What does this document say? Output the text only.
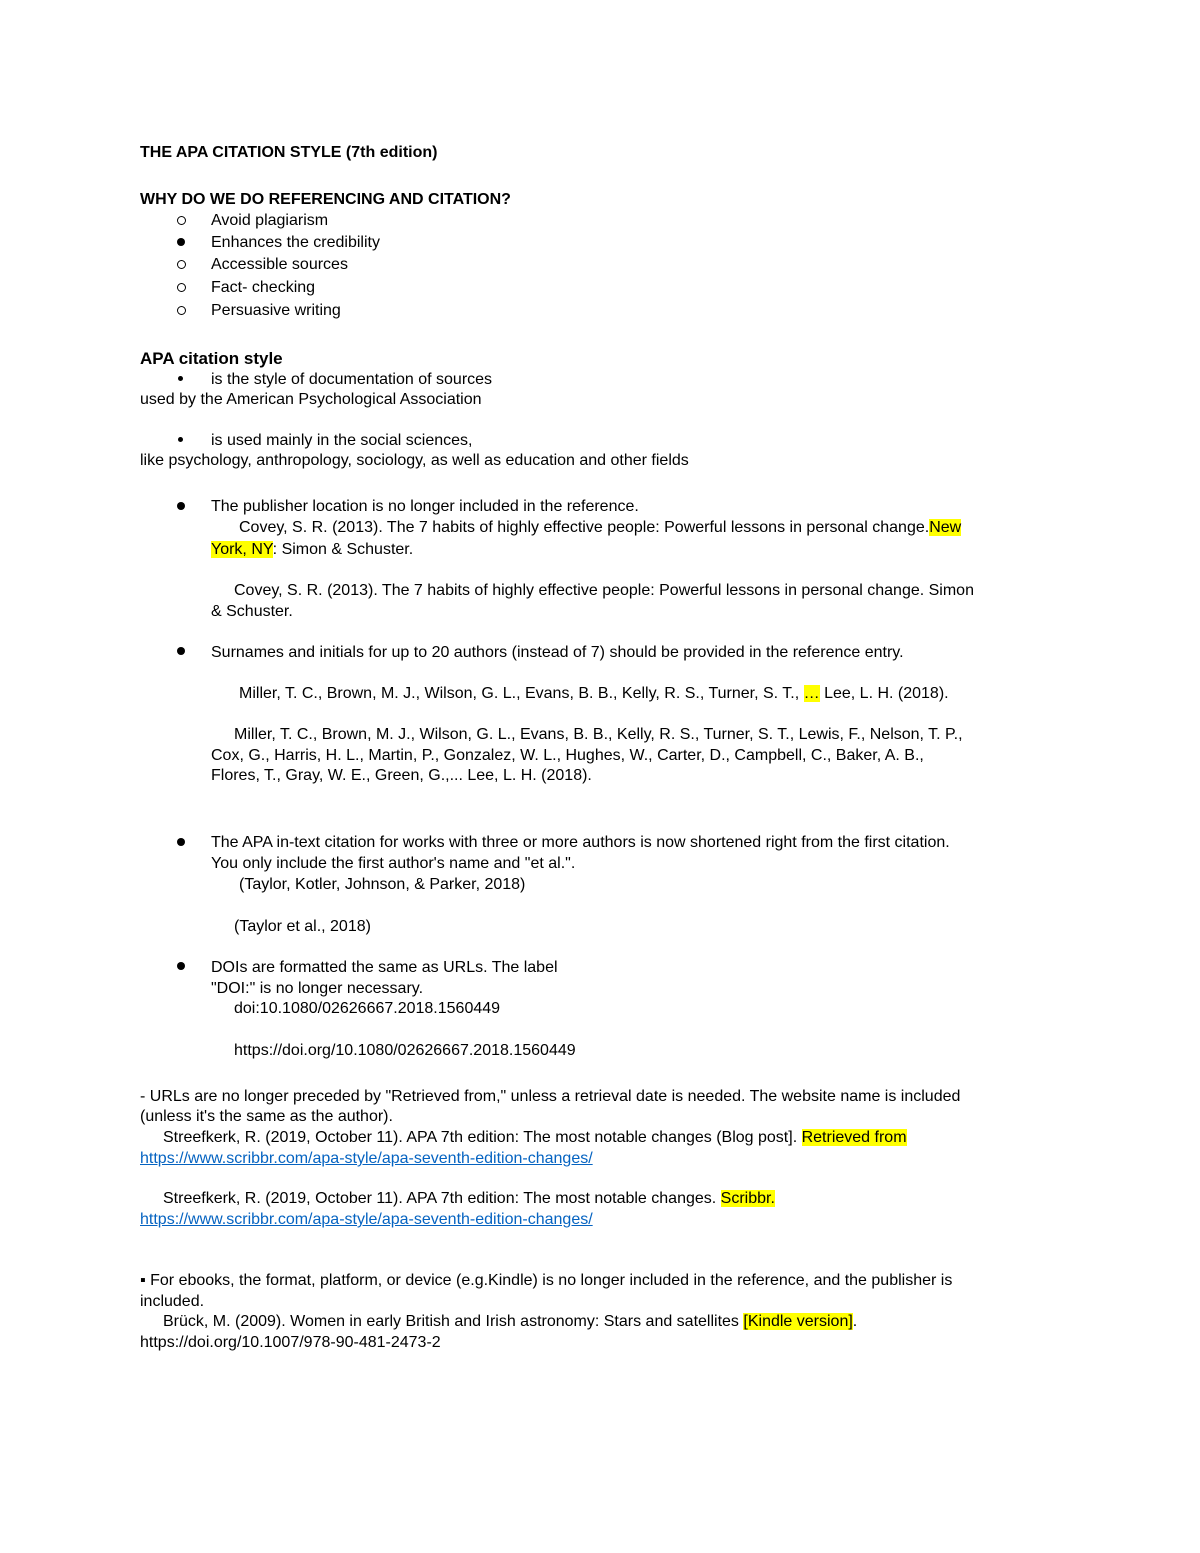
THE APA CITATION STYLE (7th edition)
WHY DO WE DO REFERENCING AND CITATION?
Avoid plagiarism
Enhances the credibility
Accessible sources
Fact- checking
Persuasive writing
APA citation style
is the style of documentation of sources
used by the American Psychological Association
is used mainly in the social sciences,
like psychology, anthropology, sociology, as well as education and other fields
The publisher location is no longer included in the reference.
Covey, S. R. (2013). The 7 habits of highly effective people: Powerful lessons in personal change.New
York, NY: Simon & Schuster.
Covey, S. R. (2013). The 7 habits of highly effective people: Powerful lessons in personal change. Simon
& Schuster.
Surnames and initials for up to 20 authors (instead of 7) should be provided in the reference entry.
Miller, T. C., Brown, M. J., Wilson, G. L., Evans, B. B., Kelly, R. S., Turner, S. T., … Lee, L. H. (2018).
Miller, T. C., Brown, M. J., Wilson, G. L., Evans, B. B., Kelly, R. S., Turner, S. T., Lewis, F., Nelson, T. P.,
Cox, G., Harris, H. L., Martin, P., Gonzalez, W. L., Hughes, W., Carter, D., Campbell, C., Baker, A. B.,
Flores, T., Gray, W. E., Green, G.,... Lee, L. H. (2018).
The APA in-text citation for works with three or more authors is now shortened right from the first citation.
You only include the first author's name and "et al.".
(Taylor, Kotler, Johnson, & Parker, 2018)
(Taylor et al., 2018)
DOIs are formatted the same as URLs. The label
"DOI:" is no longer necessary.
doi:10.1080/02626667.2018.1560449
https://doi.org/10.1080/02626667.2018.1560449
- URLs are no longer preceded by "Retrieved from," unless a retrieval date is needed. The website name is included
(unless it's the same as the author).
Streefkerk, R. (2019, October 11). APA 7th edition: The most notable changes (Blog post]. Retrieved from
https://www.scribbr.com/apa-style/apa-seventh-edition-changes/
Streefkerk, R. (2019, October 11). APA 7th edition: The most notable changes. Scribbr.
https://www.scribbr.com/apa-style/apa-seventh-edition-changes/
▪ For ebooks, the format, platform, or device (e.g.Kindle) is no longer included in the reference, and the publisher is
included.
Brück, M. (2009). Women in early British and Irish astronomy: Stars and satellites [Kindle version].
https://doi.org/10.1007/978-90-481-2473-2
